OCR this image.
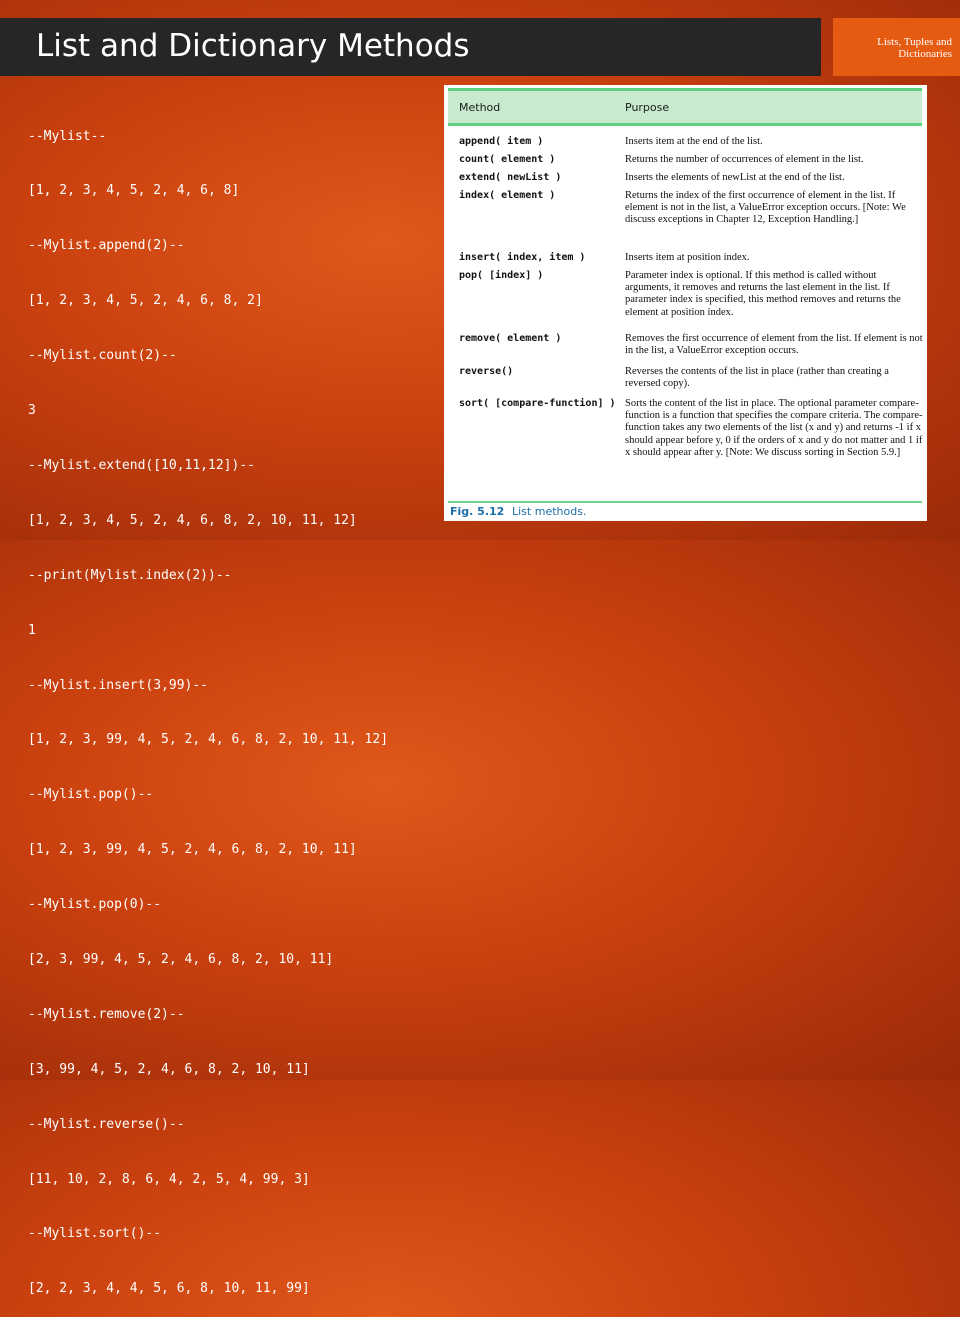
List and Dictionary Methods	Lists, Tuples and Dictionaries

--Mylist--

[1, 2, 3, 4, 5, 2, 4, 6, 8]

--Mylist.append(2)--

[1, 2, 3, 4, 5, 2, 4, 6, 8, 2]

--Mylist.count(2)--

3

--Mylist.extend([10,11,12])--

[1, 2, 3, 4, 5, 2, 4, 6, 8, 2, 10, 11, 12]

--print(Mylist.index(2))--

1

--Mylist.insert(3,99)--

[1, 2, 3, 99, 4, 5, 2, 4, 6, 8, 2, 10, 11, 12]

--Mylist.pop()--

[1, 2, 3, 99, 4, 5, 2, 4, 6, 8, 2, 10, 11]

--Mylist.pop(0)--

[2, 3, 99, 4, 5, 2, 4, 6, 8, 2, 10, 11]

--Mylist.remove(2)--

[3, 99, 4, 5, 2, 4, 6, 8, 2, 10, 11]

--Mylist.reverse()--

[11, 10, 2, 8, 6, 4, 2, 5, 4, 99, 3]

--Mylist.sort()--

[2, 2, 3, 4, 4, 5, 6, 8, 10, 11, 99]

Method	Purpose
append( item )	Inserts item at the end of the list.
count( element )	Returns the number of occurrences of element in the list.
extend( newList )	Inserts the elements of newList at the end of the list.
index( element )	Returns the index of the first occurrence of element in the list. If element is not in the list, a ValueError exception occurs. [Note: We discuss exceptions in Chapter 12, Exception Handling.]
insert( index, item )	Inserts item at position index.
pop( [index] )	Parameter index is optional. If this method is called without arguments, it removes and returns the last element in the list. If parameter index is specified, this method removes and returns the element at position index.
remove( element )	Removes the first occurrence of element from the list. If element is not in the list, a ValueError exception occurs.
reverse()	Reverses the contents of the list in place (rather than creating a reversed copy).
sort( [compare-function] ) Sorts the content of the list in place. The optional parameter compare-function is a function that specifies the compare criteria. The compare-function takes any two elements of the list (x and y) and returns -1 if x should appear before y, 0 if the orders of x and y do not matter and 1 if x should appear after y. [Note: We discuss sorting in Section 5.9.]
Fig. 5.12 List methods.
